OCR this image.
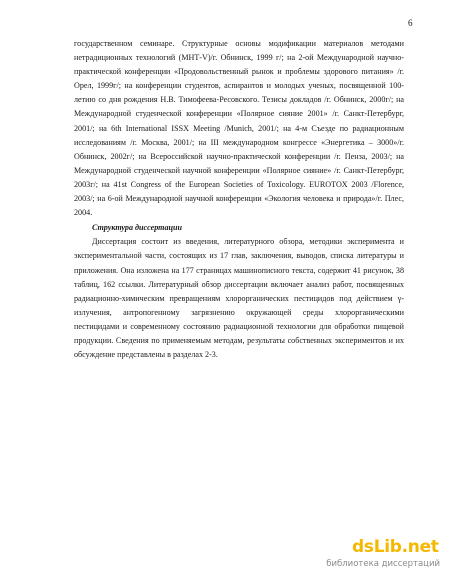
6

государственном семинаре. Структурные основы модификации материалов методами нетрадиционных технологий (МНТ-V)/г. Обнинск, 1999 г/; на 2-ой Международной научно-практической конференции «Продовольственный рынок и проблемы здорового питания» /г. Орел, 1999г/; на конференции студентов, аспирантов и молодых ученых, посвященной 100-летию со дня рождения Н.В. Тимофеева-Ресовского. Тезисы докладов /г. Обнинск, 2000г/; на Международной студенческой конференции «Полярное сияние 2001» /г. Санкт-Петербург, 2001/; на 6th International ISSX Meeting /Munich, 2001/; на 4-м Съезде по радиационным исследованиям /г. Москва, 2001/; на III международном конгрессе «Энергетика – 3000»/г. Обнинск, 2002г/; на Всероссийской научно-практической конференции /г. Пенза, 2003/; на Международной студенческой научной конференции «Полярное сияние» /г. Санкт-Петербург, 2003г/; на 41st Congress of the European Societies of Toxicology. EUROTOX 2003 /Florence, 2003/; на 6-ой Международной научной конференции «Экология человека и природа»/г. Плес, 2004.

Структура диссертации

Диссертация состоит из введения, литературного обзора, методики эксперимента и экспериментальной части, состоящих из 17 глав, заключения, выводов, списка литературы и приложения. Она изложена на 177 страницах машинописного текста, содержит 41 рисунок, 38 таблиц, 162 ссылки. Литературный обзор диссертации включает анализ работ, посвященных радиационно-химическим превращениям хлорорганических пестицидов под действием γ-излучения, антропогенному загрязнению окружающей среды хлорорганическими пестицидами и современному состоянию радиационной технологии для обработки пищевой продукции. Сведения по применяемым методам, результаты собственных экспериментов и их обсуждение представлены в разделах 2-3.

dsLib.net
библиотека диссертаций
